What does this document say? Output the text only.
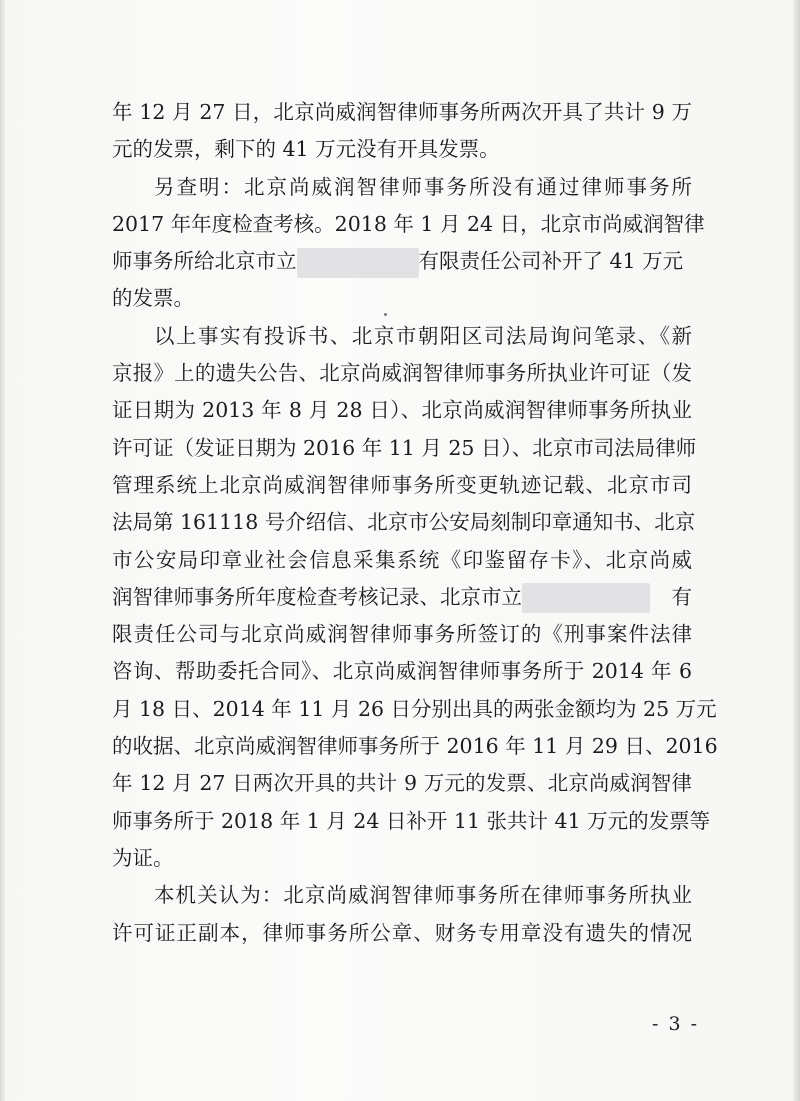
年 12 月 27 日，北京尚威润智律师事务所两次开具了共计 9 万
元的发票，剩下的 41 万元没有开具发票。
另查明：北京尚威润智律师事务所没有通过律师事务所
2017 年年度检查考核。2018 年 1 月 24 日，北京市尚威润智律
师事务所给北京市立	有限责任公司补开了 41 万元
的发票。
以上事实有投诉书、北京市朝阳区司法局询问笔录、《新
京报》上的遗失公告、北京尚威润智律师事务所执业许可证（发
证日期为 2013 年 8 月 28 日）、北京尚威润智律师事务所执业
许可证（发证日期为 2016 年 11 月 25 日）、北京市司法局律师
管理系统上北京尚威润智律师事务所变更轨迹记载、北京市司
法局第 161118 号介绍信、北京市公安局刻制印章通知书、北京
市公安局印章业社会信息采集系统《印鉴留存卡》、北京尚威
润智律师事务所年度检查考核记录、北京市立	有
限责任公司与北京尚威润智律师事务所签订的《刑事案件法律
咨询、帮助委托合同》、北京尚威润智律师事务所于 2014 年 6
月 18 日、2014 年 11 月 26 日分别出具的两张金额均为 25 万元
的收据、北京尚威润智律师事务所于 2016 年 11 月 29 日、2016
年 12 月 27 日两次开具的共计 9 万元的发票、北京尚威润智律
师事务所于 2018 年 1 月 24 日补开 11 张共计 41 万元的发票等
为证。
本机关认为：北京尚威润智律师事务所在律师事务所执业
许可证正副本，律师事务所公章、财务专用章没有遗失的情况
- 3 -
